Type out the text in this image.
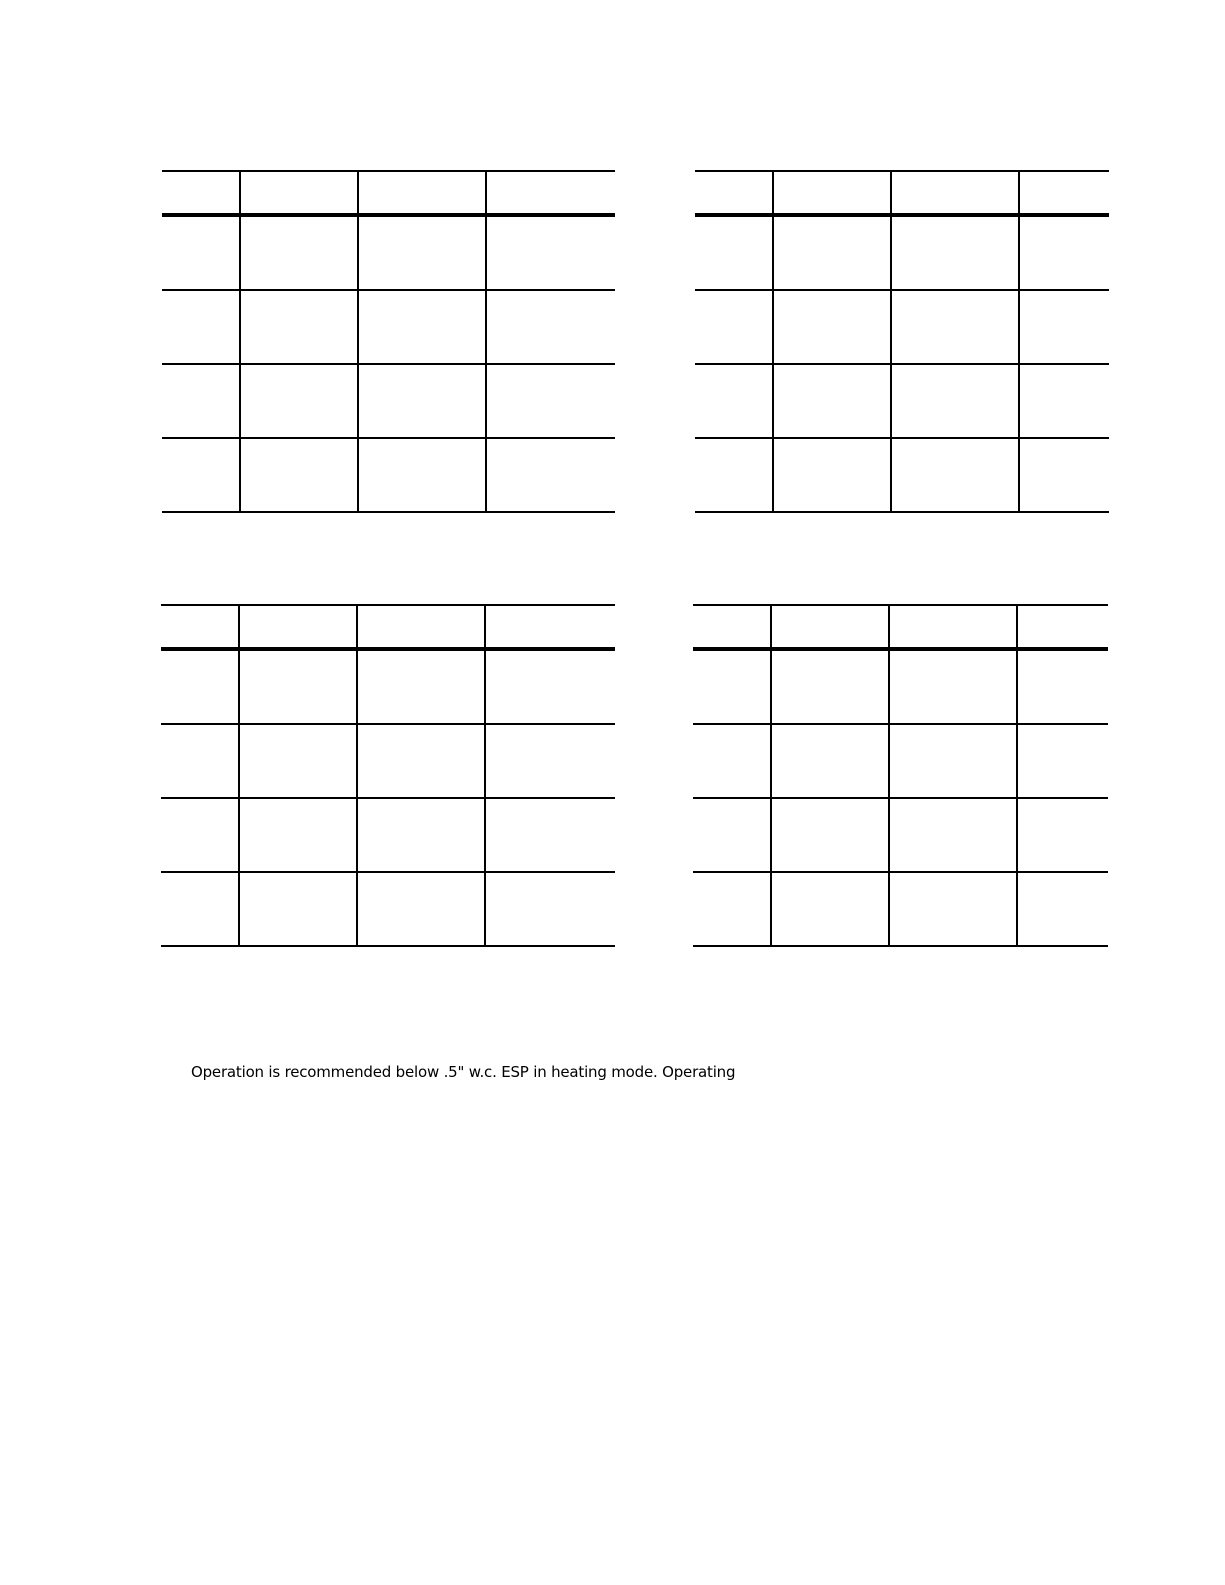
Operation is recommended below .5" w.c. ESP in heating mode. Operating
